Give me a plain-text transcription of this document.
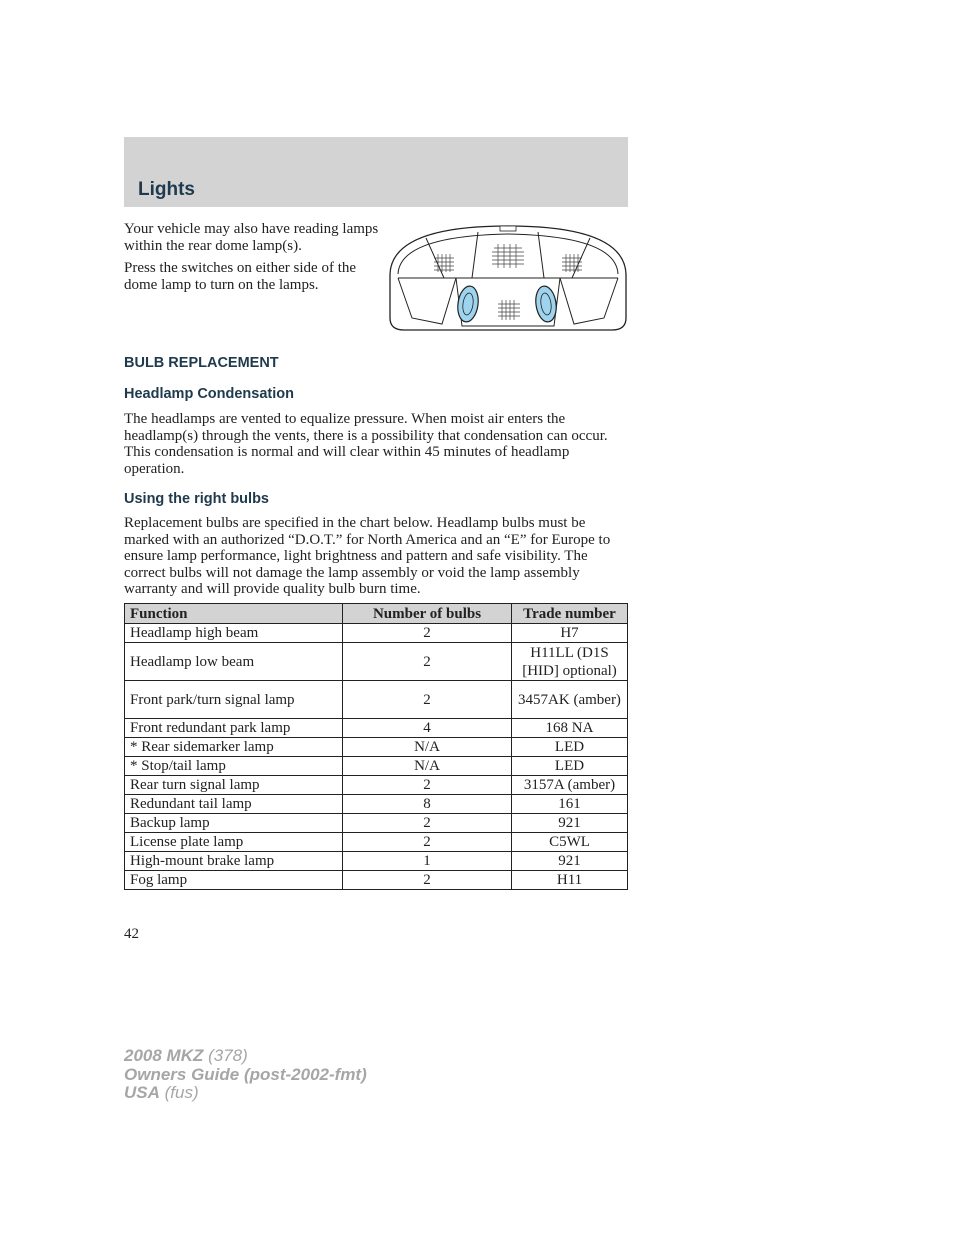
Lights

Your vehicle may also have reading lamps within the rear dome lamp(s).

Press the switches on either side of the dome lamp to turn on the lamps.

BULB REPLACEMENT
Headlamp Condensation

The headlamps are vented to equalize pressure. When moist air enters the headlamp(s) through the vents, there is a possibility that condensation can occur. This condensation is normal and will clear within 45 minutes of headlamp operation.

Using the right bulbs

Replacement bulbs are specified in the chart below. Headlamp bulbs must be marked with an authorized “D.O.T.” for North America and an “E” for Europe to ensure lamp performance, light brightness and pattern and safe visibility. The correct bulbs will not damage the lamp assembly or void the lamp assembly warranty and will provide quality bulb burn time.

Function	Number of bulbs	Trade number
Headlamp high beam	2	H7
Headlamp low beam	2	H11LL (D1S [HID] optional)
Front park/turn signal lamp	2	3457AK (amber)
Front redundant park lamp	4	168 NA
* Rear sidemarker lamp	N/A	LED
* Stop/tail lamp	N/A	LED
Rear turn signal lamp	2	3157A (amber)
Redundant tail lamp	8	161
Backup lamp	2	921
License plate lamp	2	C5WL
High-mount brake lamp	1	921
Fog lamp	2	H11
42
2008 MKZ (378)
Owners Guide (post-2002-fmt)
USA (fus)
